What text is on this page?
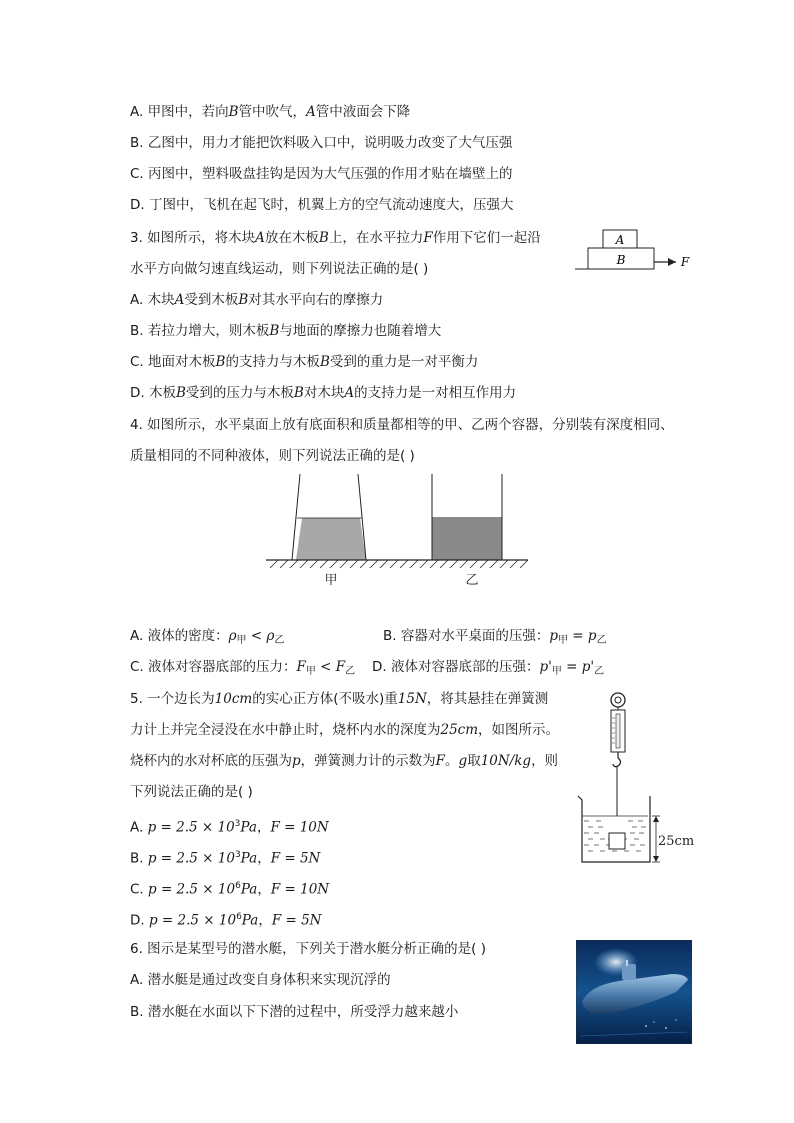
A. 甲图中，若向B管中吹气，A管中液面会下降
B. 乙图中，用力才能把饮料吸入口中，说明吸力改变了大气压强
C. 丙图中，塑料吸盘挂钩是因为大气压强的作用才贴在墙壁上的
D. 丁图中，飞机在起飞时，机翼上方的空气流动速度大，压强大
3. 如图所示，将木块A放在木板B上，在水平拉力F作用下它们一起沿
水平方向做匀速直线运动，则下列说法正确的是( )
A
B	F
A. 木块A受到木板B对其水平向右的摩擦力
B. 若拉力增大，则木板B与地面的摩擦力也随着增大
C. 地面对木板B的支持力与木板B受到的重力是一对平衡力
D. 木板B受到的压力与木板B对木块A的支持力是一对相互作用力
4. 如图所示，水平桌面上放有底面积和质量都相等的甲、乙两个容器，分别装有深度相同、
质量相同的不同种液体，则下列说法正确的是( )
甲	乙
A. 液体的密度：$\rho_甲 < \rho_乙$	B. 容器对水平桌面的压强：$p_甲 = p_乙$
C. 液体对容器底部的压力：$F_甲 < F_乙$ D. 液体对容器底部的压强：$p'_甲 = p'_乙$
5. 一个边长为10cm的实心正方体(不吸水)重15N，将其悬挂在弹簧测
力计上并完全浸没在水中静止时，烧杯内水的深度为25cm，如图所示。
烧杯内的水对杯底的压强为p，弹簧测力计的示数为F。g取10N/kg，则
下列说法正确的是( )
A. $p = 2.5 \times 10^3Pa$，F = 10N
B. $p = 2.5 \times 10^3Pa$，F = 5N
C. $p = 2.5 \times 10^6Pa$，F = 10N
D. $p = 2.5 \times 10^6Pa$，F = 5N
25cm
6. 图示是某型号的潜水艇，下列关于潜水艇分析正确的是( )
A. 潜水艇是通过改变自身体积来实现沉浮的
B. 潜水艇在水面以下下潜的过程中，所受浮力越来越小
